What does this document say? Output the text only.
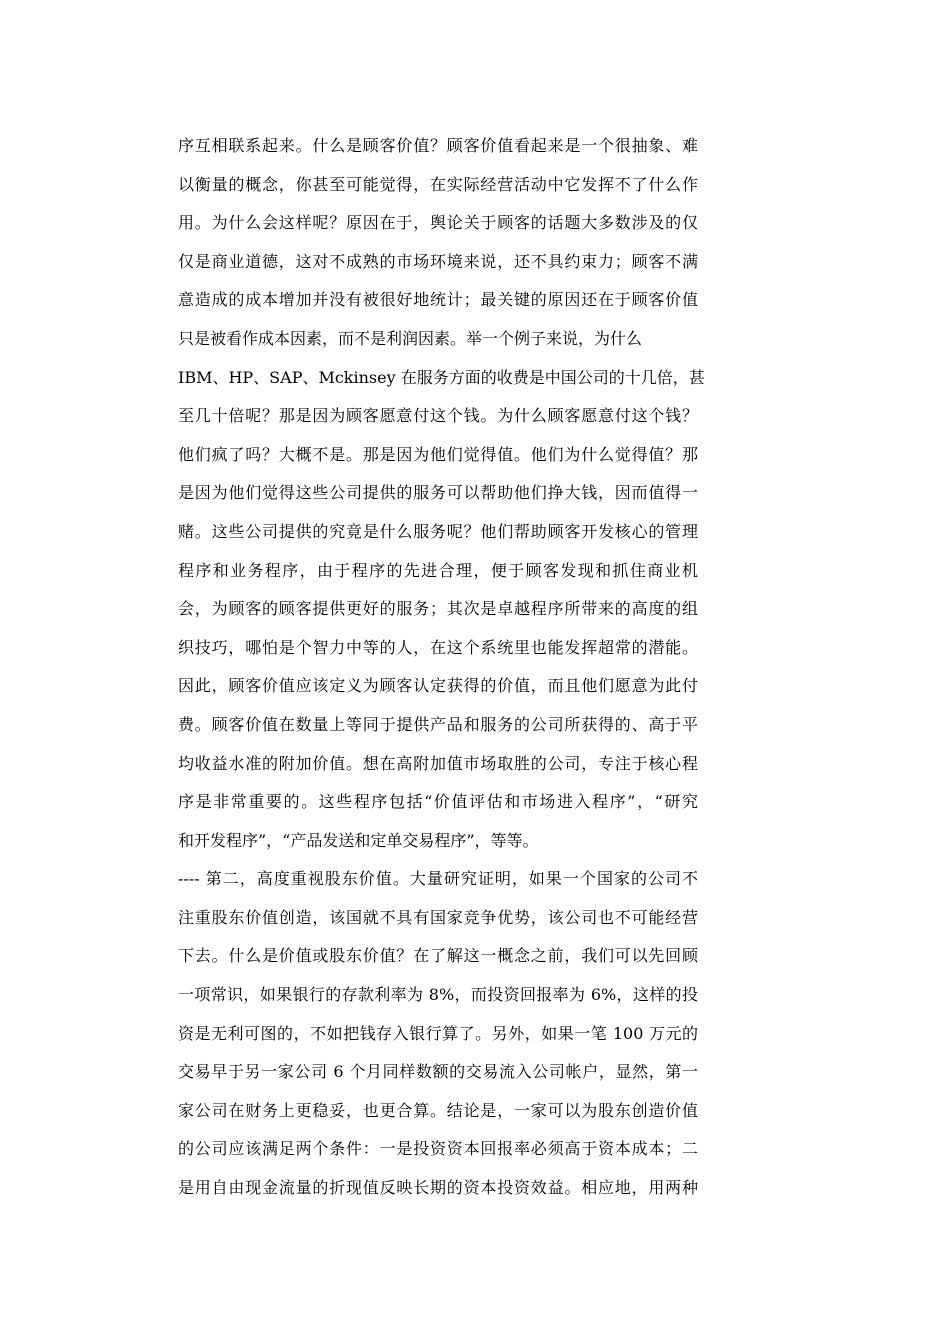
序互相联系起来。什么是顾客价值？顾客价值看起来是一个很抽象、难
以衡量的概念，你甚至可能觉得，在实际经营活动中它发挥不了什么作
用。为什么会这样呢？原因在于，舆论关于顾客的话题大多数涉及的仅
仅是商业道德，这对不成熟的市场环境来说，还不具约束力；顾客不满
意造成的成本增加并没有被很好地统计；最关键的原因还在于顾客价值
只是被看作成本因素，而不是利润因素。举一个例子来说，为什么
IBM、HP、SAP、Mckinsey 在服务方面的收费是中国公司的十几倍，甚
至几十倍呢？那是因为顾客愿意付这个钱。为什么顾客愿意付这个钱？
他们疯了吗？大概不是。那是因为他们觉得值。他们为什么觉得值？那
是因为他们觉得这些公司提供的服务可以帮助他们挣大钱，因而值得一
赌。这些公司提供的究竟是什么服务呢？他们帮助顾客开发核心的管理
程序和业务程序，由于程序的先进合理，便于顾客发现和抓住商业机
会，为顾客的顾客提供更好的服务；其次是卓越程序所带来的高度的组
织技巧，哪怕是个智力中等的人，在这个系统里也能发挥超常的潜能。
因此，顾客价值应该定义为顾客认定获得的价值，而且他们愿意为此付
费。顾客价值在数量上等同于提供产品和服务的公司所获得的、高于平
均收益水准的附加价值。想在高附加值市场取胜的公司，专注于核心程
序是非常重要的。这些程序包括“价值评估和市场进入程序”，“研究
和开发程序”，“产品发送和定单交易程序”，等等。
---- 第二，高度重视股东价值。大量研究证明，如果一个国家的公司不
注重股东价值创造，该国就不具有国家竞争优势，该公司也不可能经营
下去。什么是价值或股东价值？在了解这一概念之前，我们可以先回顾
一项常识，如果银行的存款利率为 8%，而投资回报率为 6%，这样的投
资是无利可图的，不如把钱存入银行算了。另外，如果一笔 100 万元的
交易早于另一家公司 6 个月同样数额的交易流入公司帐户，显然，第一
家公司在财务上更稳妥，也更合算。结论是，一家可以为股东创造价值
的公司应该满足两个条件：一是投资资本回报率必须高于资本成本；二
是用自由现金流量的折现值反映长期的资本投资效益。相应地，用两种
